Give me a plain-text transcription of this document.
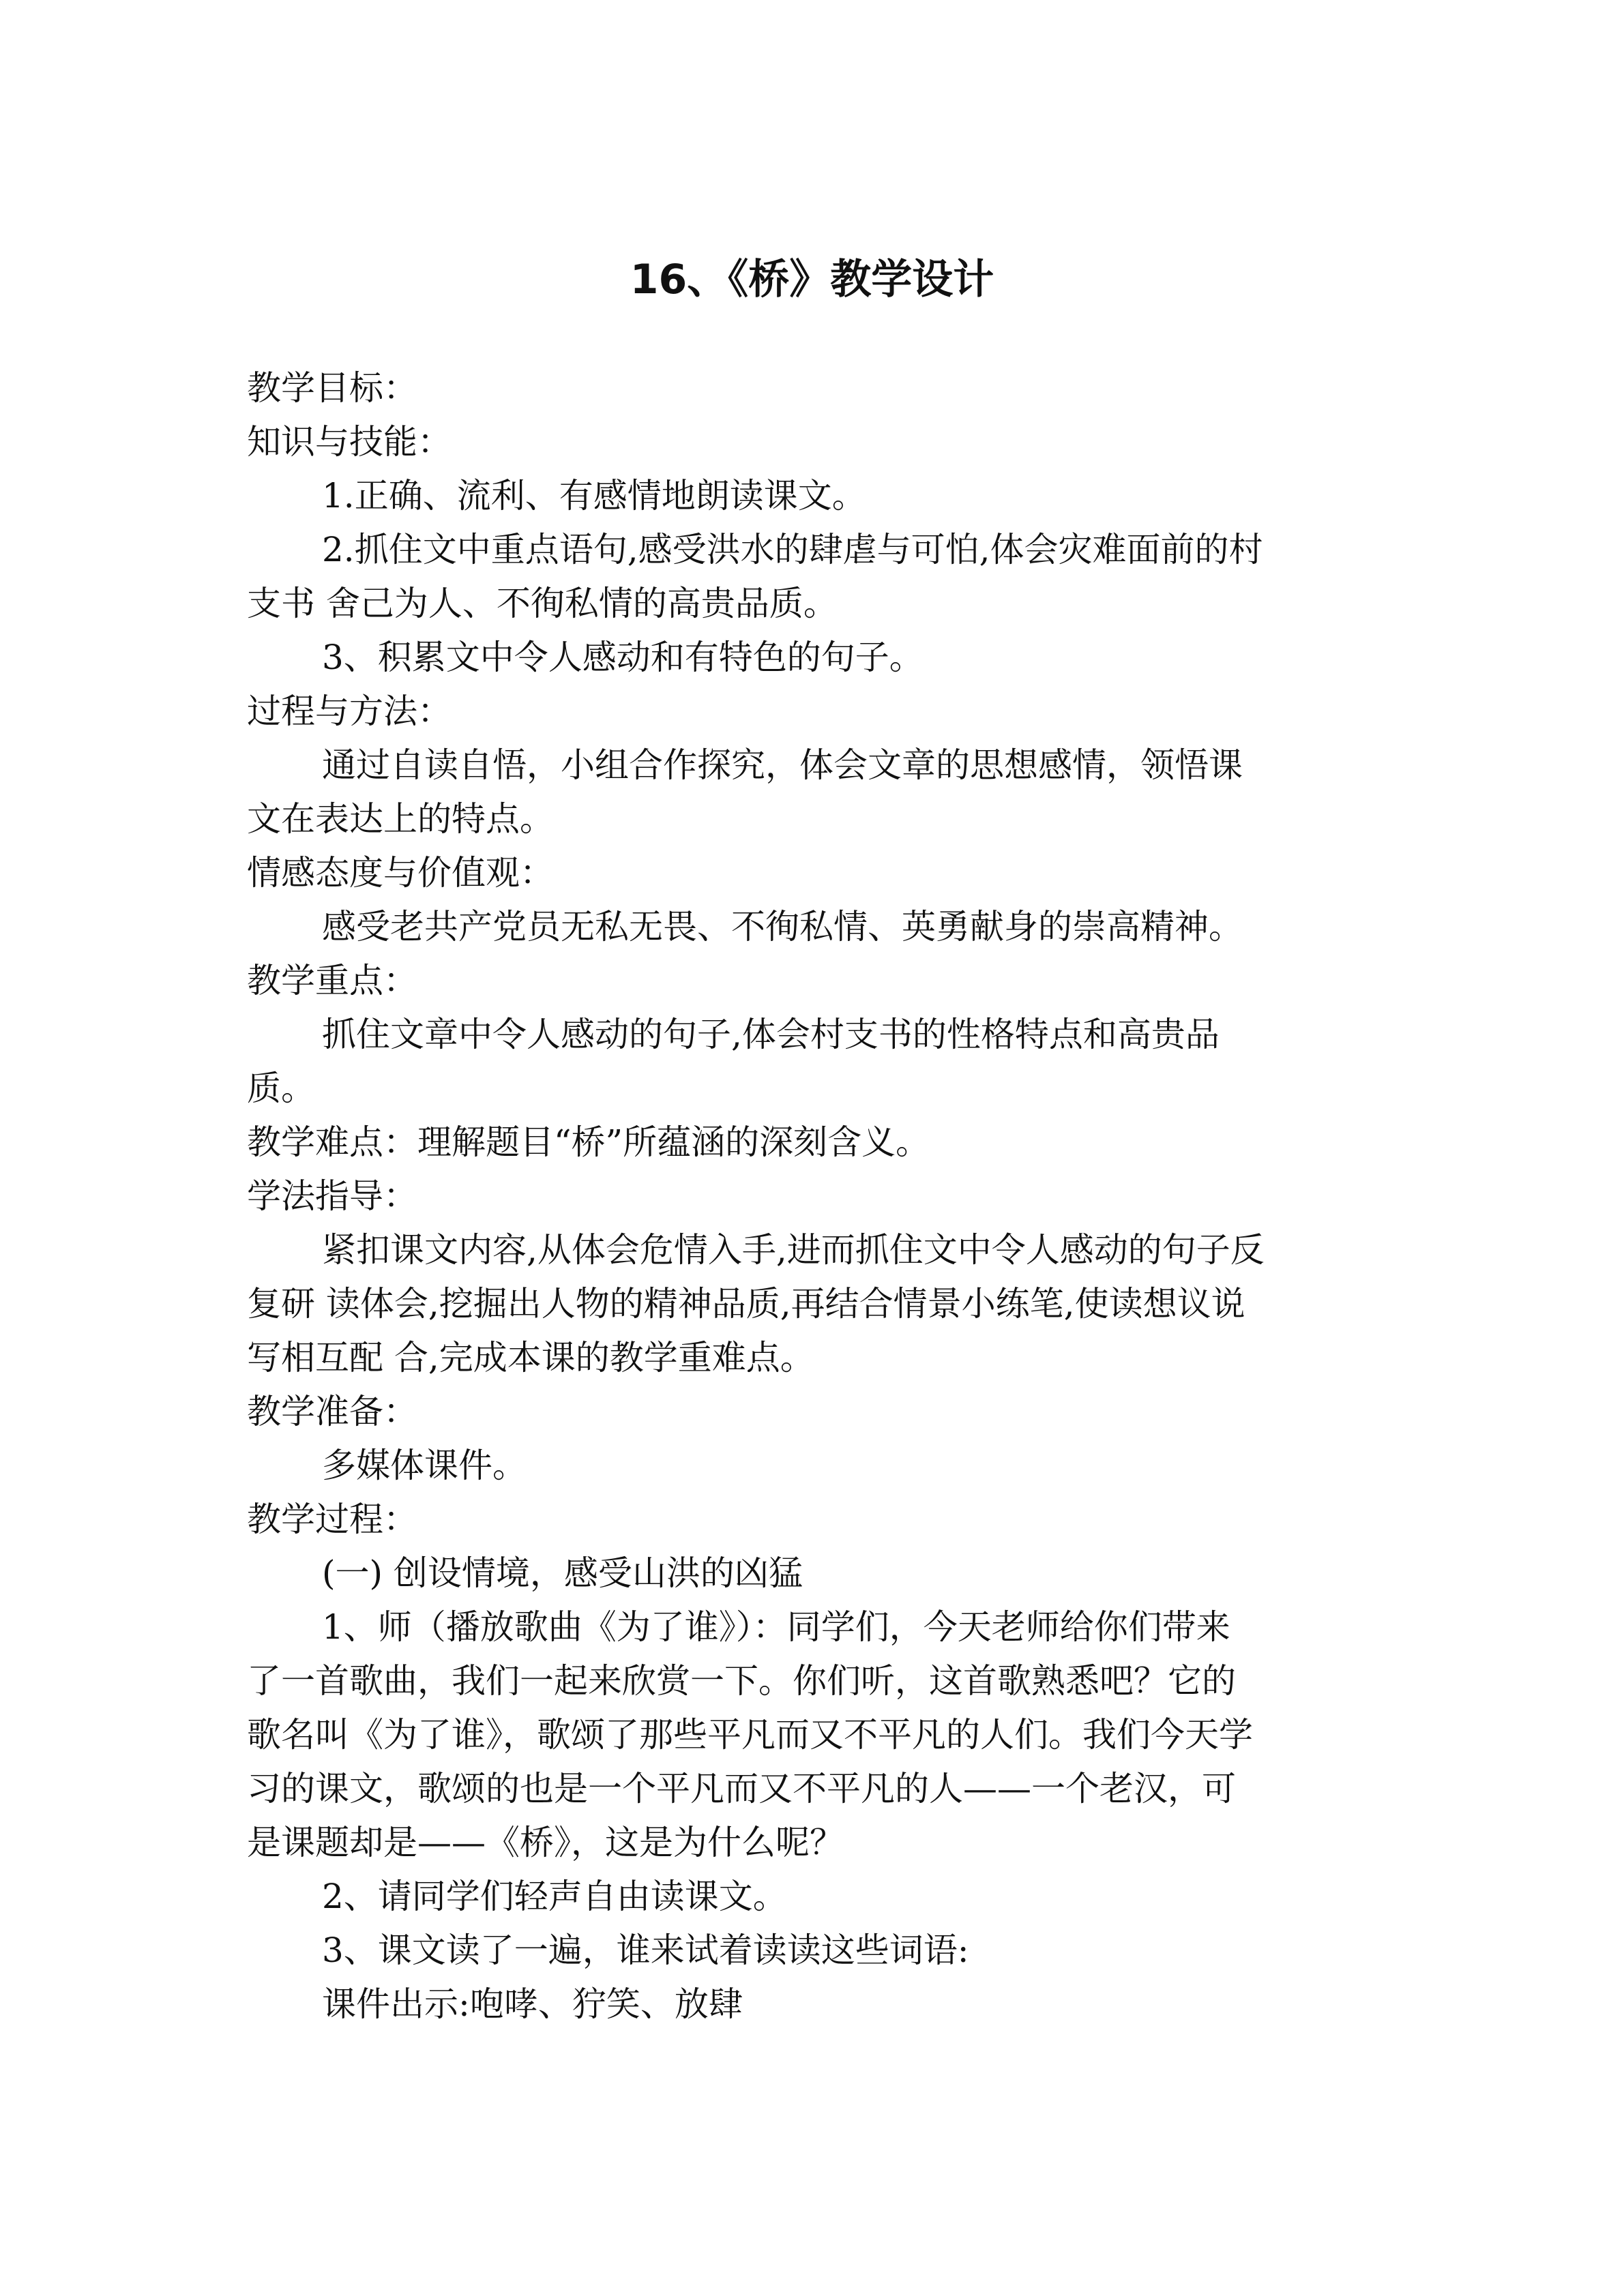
16、《桥》教学设计
教学目标：
知识与技能：
1.正确、流利、有感情地朗读课文。
2.抓住文中重点语句,感受洪水的肆虐与可怕,体会灾难面前的村
支书 舍己为人、不徇私情的高贵品质。
3、积累文中令人感动和有特色的句子。
过程与方法：
通过自读自悟，小组合作探究，体会文章的思想感情，领悟课
文在表达上的特点。
情感态度与价值观：
感受老共产党员无私无畏、不徇私情、英勇献身的崇高精神。
教学重点：
抓住文章中令人感动的句子,体会村支书的性格特点和高贵品
质。
教学难点：理解题目“桥”所蕴涵的深刻含义。
学法指导：
紧扣课文内容,从体会危情入手,进而抓住文中令人感动的句子反
复研 读体会,挖掘出人物的精神品质,再结合情景小练笔,使读想议说
写相互配 合,完成本课的教学重难点。
教学准备：
多媒体课件。
教学过程：
(一) 创设情境，感受山洪的凶猛
1、师（播放歌曲《为了谁》）：同学们，今天老师给你们带来
了一首歌曲，我们一起来欣赏一下。你们听，这首歌熟悉吧？它的
歌名叫《为了谁》，歌颂了那些平凡而又不平凡的人们。我们今天学
习的课文，歌颂的也是一个平凡而又不平凡的人——一个老汉，可
是课题却是——《桥》，这是为什么呢？
2、请同学们轻声自由读课文。
3、课文读了一遍，谁来试着读读这些词语:
课件出示:咆哮、狞笑、放肆
